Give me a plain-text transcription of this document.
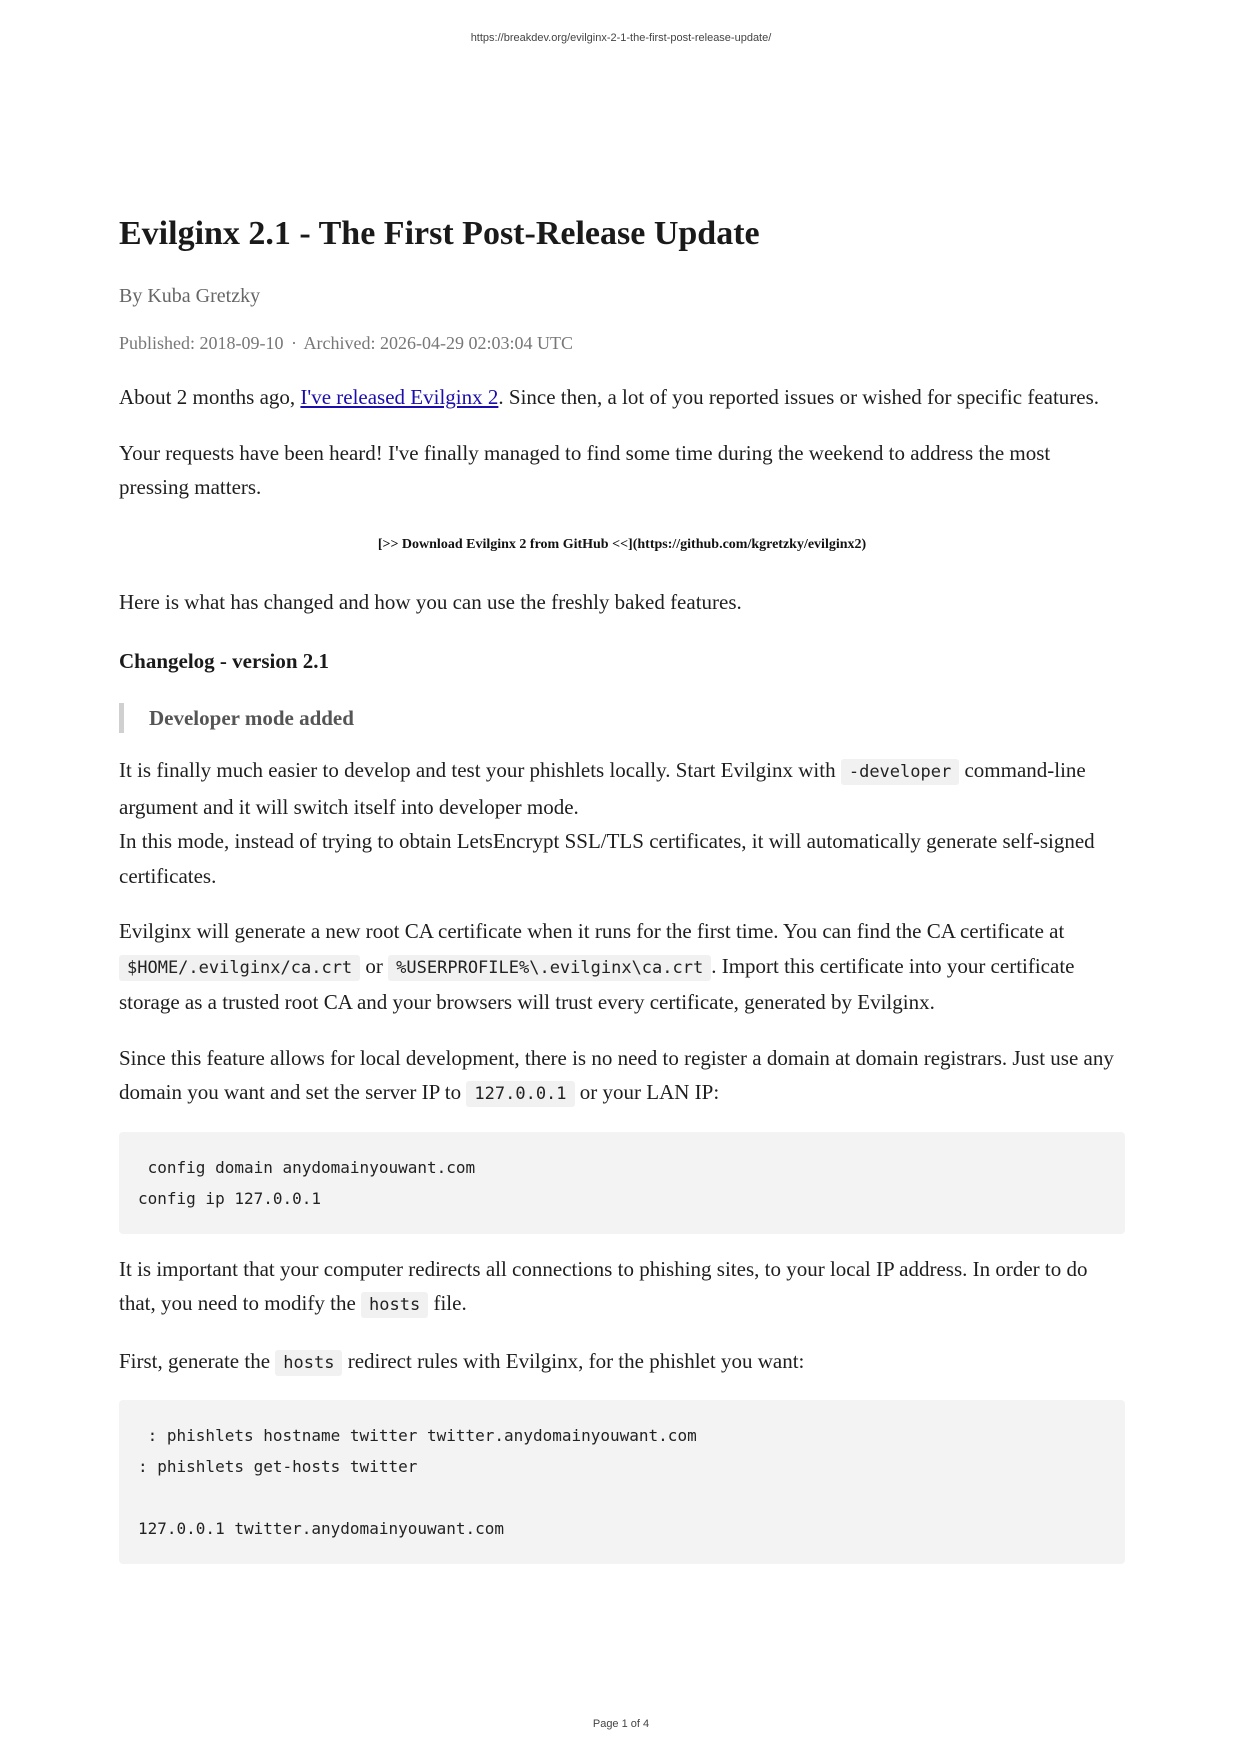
https://breakdev.org/evilginx-2-1-the-first-post-release-update/
Evilginx 2.1 - The First Post-Release Update
By Kuba Gretzky
Published: 2018-09-10 · Archived: 2026-04-29 02:03:04 UTC

About 2 months ago, I've released Evilginx 2. Since then, a lot of you reported issues or wished for specific features.

Your requests have been heard! I've finally managed to find some time during the weekend to address the most pressing matters.

[>> Download Evilginx 2 from GitHub <<](https://github.com/kgretzky/evilginx2)

Here is what has changed and how you can use the freshly baked features.

Changelog - version 2.1
Developer mode added

It is finally much easier to develop and test your phishlets locally. Start Evilginx with -developer command-line argument and it will switch itself into developer mode.
In this mode, instead of trying to obtain LetsEncrypt SSL/TLS certificates, it will automatically generate self-signed certificates.

Evilginx will generate a new root CA certificate when it runs for the first time. You can find the CA certificate at $HOME/.evilginx/ca.crt or %USERPROFILE%\.evilginx\ca.crt . Import this certificate into your certificate storage as a trusted root CA and your browsers will trust every certificate, generated by Evilginx.

Since this feature allows for local development, there is no need to register a domain at domain registrars. Just use any domain you want and set the server IP to 127.0.0.1 or your LAN IP:

config domain anydomainyouwant.com
config ip 127.0.0.1

It is important that your computer redirects all connections to phishing sites, to your local IP address. In order to do that, you need to modify the hosts file.

First, generate the hosts redirect rules with Evilginx, for the phishlet you want:

: phishlets hostname twitter twitter.anydomainyouwant.com
: phishlets get-hosts twitter

127.0.0.1 twitter.anydomainyouwant.com
Page 1 of 4
